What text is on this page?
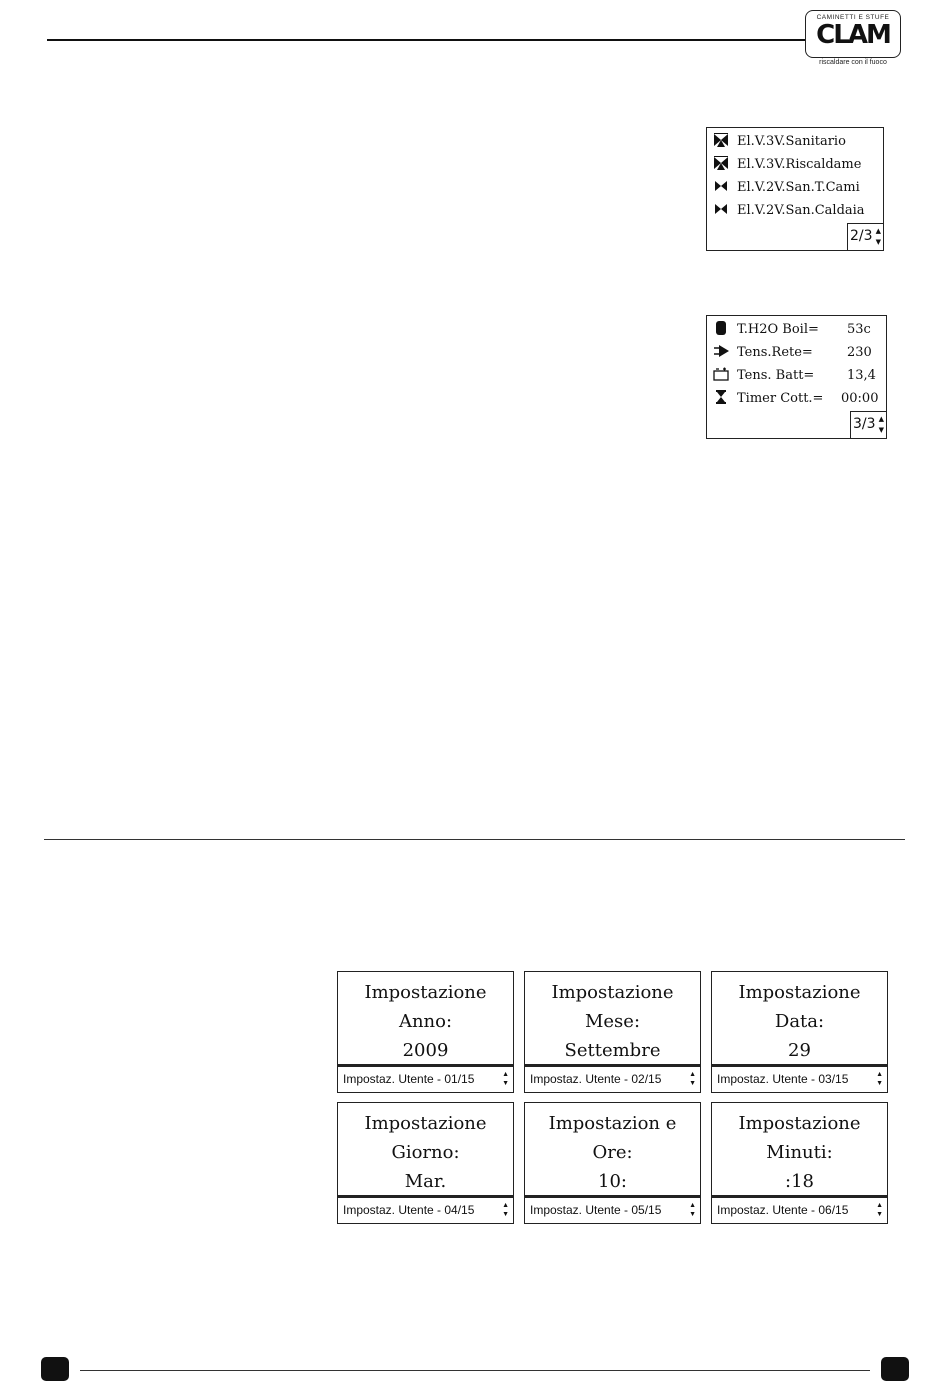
CAMINETTI E STUFE
CLAM
riscaldare con il fuoco
El.V.3V.Sanitario
El.V.3V.Riscaldame
El.V.2V.San.T.Cami
El.V.2V.San.Caldaia
2/3 ▲
▼
T.H2O Boil= 53c
Tens.Rete=	230
Tens. Batt=	13,4
Timer Cott.= 00:00
3/3 ▲
▼
Impostazione
Anno:
2009
Impostaz. Utente - 01/15	▲
▼
Impostazione
Mese:
Settembre
Impostaz. Utente - 02/15	▲
▼
Impostazione
Data:
29
Impostaz. Utente - 03/15	▲
▼
Impostazione
Giorno:
Mar.
Impostaz. Utente - 04/15	▲
▼
Impostazion e
Ore:
10:
Impostaz. Utente - 05/15	▲
▼
Impostazione
Minuti:
:18
Impostaz. Utente - 06/15	▲
▼
